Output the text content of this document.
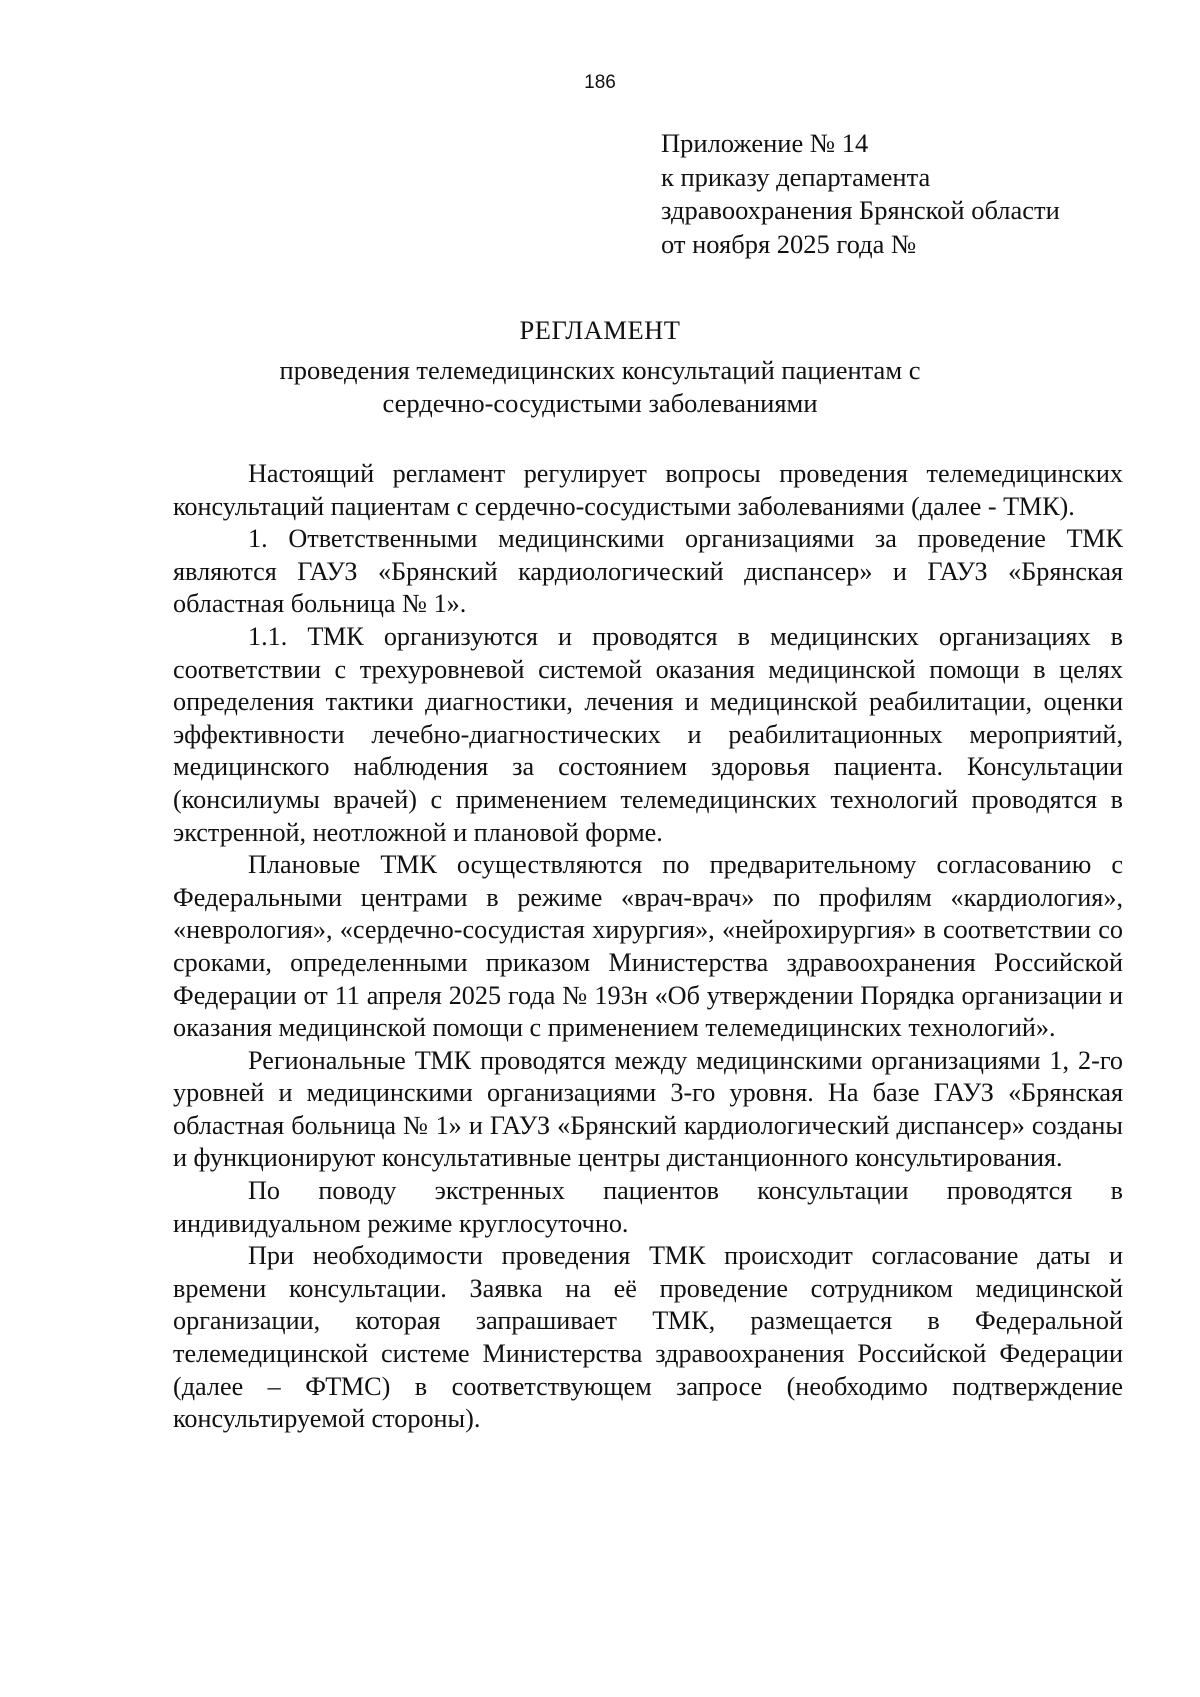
186

Приложение № 14
к приказу департамента
здравоохранения Брянской области
от ноября 2025 года №
РЕГЛАМЕНТ
проведения телемедицинских консультаций пациентам с сердечно-сосудистыми заболеваниями

Настоящий регламент регулирует вопросы проведения телемедицинских консультаций пациентам с сердечно-сосудистыми заболеваниями (далее - ТМК).

1. Ответственными медицинскими организациями за проведение ТМК являются ГАУЗ «Брянский кардиологический диспансер» и ГАУЗ «Брянская областная больница № 1».

1.1. ТМК организуются и проводятся в медицинских организациях в соответствии с трехуровневой системой оказания медицинской помощи в целях определения тактики диагностики, лечения и медицинской реабилитации, оценки эффективности лечебно-диагностических и реабилитационных мероприятий, медицинского наблюдения за состоянием здоровья пациента. Консультации (консилиумы врачей) с применением телемедицинских технологий проводятся в экстренной, неотложной и плановой форме.

Плановые ТМК осуществляются по предварительному согласованию с Федеральными центрами в режиме «врач-врач» по профилям «кардиология», «неврология», «сердечно-сосудистая хирургия», «нейрохирургия» в соответствии со сроками, определенными приказом Министерства здравоохранения Российской Федерации от 11 апреля 2025 года № 193н «Об утверждении Порядка организации и оказания медицинской помощи с применением телемедицинских технологий».

Региональные ТМК проводятся между медицинскими организациями 1, 2-го уровней и медицинскими организациями 3-го уровня. На базе ГАУЗ «Брянская областная больница № 1» и ГАУЗ «Брянский кардиологический диспансер» созданы и функционируют консультативные центры дистанционного консультирования.

По поводу экстренных пациентов консультации проводятся в индивидуальном режиме круглосуточно.

При необходимости проведения ТМК происходит согласование даты и времени консультации. Заявка на её проведение сотрудником медицинской организации, которая запрашивает ТМК, размещается в Федеральной телемедицинской системе Министерства здравоохранения Российской Федерации (далее – ФТМС) в соответствующем запросе (необходимо подтверждение консультируемой стороны).
